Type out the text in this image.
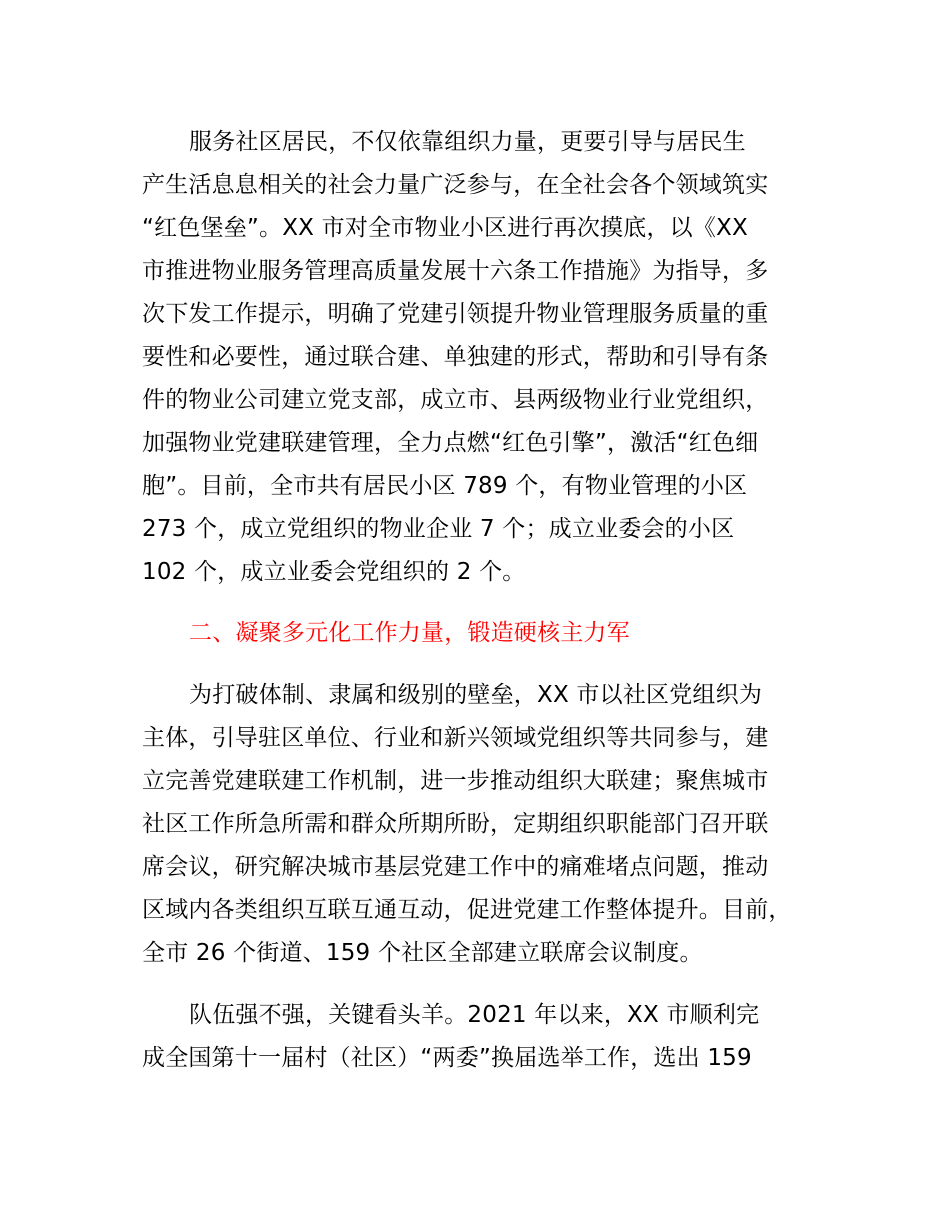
服务社区居民，不仅依靠组织力量，更要引导与居民生
产生活息息相关的社会力量广泛参与，在全社会各个领域筑实
“红色堡垒”。XX 市对全市物业小区进行再次摸底，以《XX
市推进物业服务管理高质量发展十六条工作措施》为指导，多
次下发工作提示，明确了党建引领提升物业管理服务质量的重
要性和必要性，通过联合建、单独建的形式，帮助和引导有条
件的物业公司建立党支部，成立市、县两级物业行业党组织，
加强物业党建联建管理，全力点燃“红色引擎”，激活“红色细
胞”。目前，全市共有居民小区 789 个，有物业管理的小区
273 个，成立党组织的物业企业 7 个；成立业委会的小区
102 个，成立业委会党组织的 2 个。
二、凝聚多元化工作力量，锻造硬核主力军
为打破体制、隶属和级别的壁垒，XX 市以社区党组织为
主体，引导驻区单位、行业和新兴领域党组织等共同参与，建
立完善党建联建工作机制，进一步推动组织大联建；聚焦城市
社区工作所急所需和群众所期所盼，定期组织职能部门召开联
席会议，研究解决城市基层党建工作中的痛难堵点问题，推动
区域内各类组织互联互通互动，促进党建工作整体提升。目前，
全市 26 个街道、159 个社区全部建立联席会议制度。
队伍强不强，关键看头羊。2021 年以来，XX 市顺利完
成全国第十一届村（社区）“两委”换届选举工作，选出 159
